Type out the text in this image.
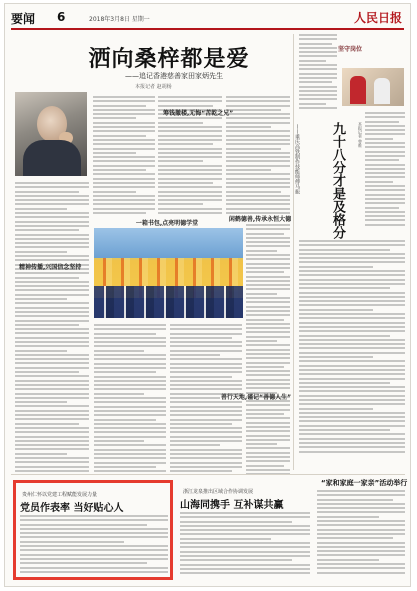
要闻 6	2018年3月8日 星期一	人民日报
洒向桑梓都是爱
——追记香港慈善家田家炳先生
本报记者 赵胡杨
一箱书包,点亮明德学堂
筹钱撤楼,无悔“苦乾之兄”
精神传播,兴国信念坚持
闲鹤德善,传承永恒大德
善行天地,谨记“善德人生”
坚守岗位
——重庆高铁制作技能师傅马振	九十八分才是及格分	本报记者 曾维
贵州仁怀以党建工程赋能发展力量
党员作表率 当好贴心人
浙江龙泉推出区域合作协调发展
山海同携手 互补谋共赢
“家和家庭一家亲”活动举行
